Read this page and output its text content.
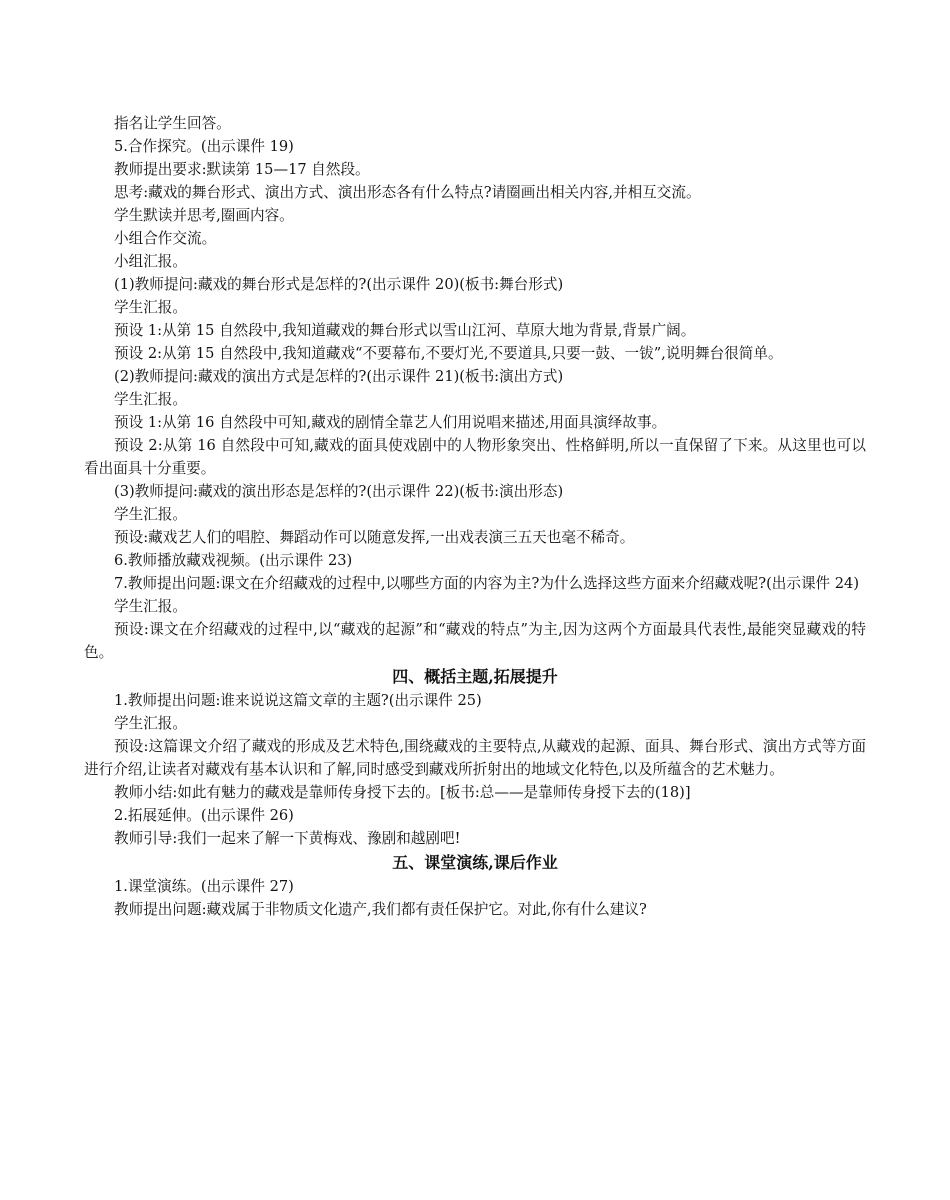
指名让学生回答。

5.合作探究。(出示课件 19)

教师提出要求:默读第 15—17 自然段。

思考:藏戏的舞台形式、演出方式、演出形态各有什么特点?请圈画出相关内容,并相互交流。

学生默读并思考,圈画内容。

小组合作交流。

小组汇报。

(1)教师提问:藏戏的舞台形式是怎样的?(出示课件 20)(板书:舞台形式)

学生汇报。

预设 1:从第 15 自然段中,我知道藏戏的舞台形式以雪山江河、草原大地为背景,背景广阔。

预设 2:从第 15 自然段中,我知道藏戏“不要幕布,不要灯光,不要道具,只要一鼓、一钹”,说明舞台很简单。

(2)教师提问:藏戏的演出方式是怎样的?(出示课件 21)(板书:演出方式)

学生汇报。

预设 1:从第 16 自然段中可知,藏戏的剧情全靠艺人们用说唱来描述,用面具演绎故事。

预设 2:从第 16 自然段中可知,藏戏的面具使戏剧中的人物形象突出、性格鲜明,所以一直保留了下来。从这里也可以看出面具十分重要。

(3)教师提问:藏戏的演出形态是怎样的?(出示课件 22)(板书:演出形态)

学生汇报。

预设:藏戏艺人们的唱腔、舞蹈动作可以随意发挥,一出戏表演三五天也毫不稀奇。

6.教师播放藏戏视频。(出示课件 23)

7.教师提出问题:课文在介绍藏戏的过程中,以哪些方面的内容为主?为什么选择这些方面来介绍藏戏呢?(出示课件 24)

学生汇报。

预设:课文在介绍藏戏的过程中,以“藏戏的起源”和“藏戏的特点”为主,因为这两个方面最具代表性,最能突显藏戏的特色。

四、概括主题,拓展提升

1.教师提出问题:谁来说说这篇文章的主题?(出示课件 25)

学生汇报。

预设:这篇课文介绍了藏戏的形成及艺术特色,围绕藏戏的主要特点,从藏戏的起源、面具、舞台形式、演出方式等方面进行介绍,让读者对藏戏有基本认识和了解,同时感受到藏戏所折射出的地域文化特色,以及所蕴含的艺术魅力。

教师小结:如此有魅力的藏戏是靠师传身授下去的。[板书:总——是靠师传身授下去的(18)]

2.拓展延伸。(出示课件 26)

教师引导:我们一起来了解一下黄梅戏、豫剧和越剧吧!

五、课堂演练,课后作业

1.课堂演练。(出示课件 27)

教师提出问题:藏戏属于非物质文化遗产,我们都有责任保护它。对此,你有什么建议?
